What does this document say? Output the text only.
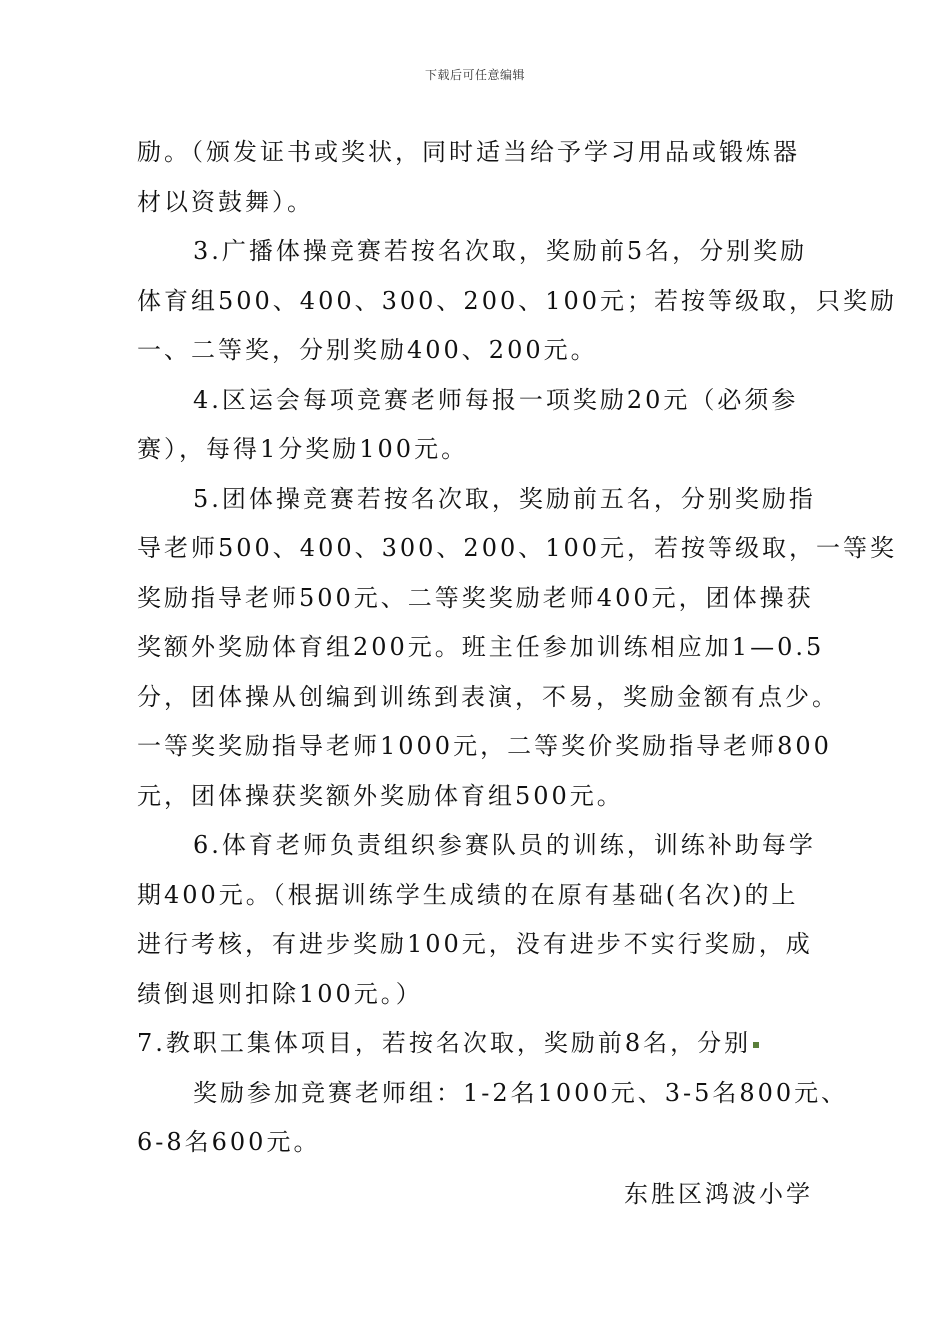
下载后可任意编辑
励。（颁发证书或奖状，同时适当给予学习用品或锻炼器
材以资鼓舞）。
3.广播体操竞赛若按名次取，奖励前5名，分别奖励
体育组500、400、300、200、100元；若按等级取，只奖励
一、二等奖，分别奖励400、200元。
4.区运会每项竞赛老师每报一项奖励20元（必须参
赛），每得1分奖励100元。
5.团体操竞赛若按名次取，奖励前五名，分别奖励指
导老师500、400、300、200、100元，若按等级取，一等奖
奖励指导老师500元、二等奖奖励老师400元，团体操获
奖额外奖励体育组200元。班主任参加训练相应加1—0.5
分，团体操从创编到训练到表演，不易，奖励金额有点少。
一等奖奖励指导老师1000元，二等奖价奖励指导老师800
元，团体操获奖额外奖励体育组500元。
6.体育老师负责组织参赛队员的训练，训练补助每学
期400元。（根据训练学生成绩的在原有基础(名次)的上
进行考核，有进步奖励100元，没有进步不实行奖励，成
绩倒退则扣除100元。）
7.教职工集体项目，若按名次取，奖励前8名，分别
奖励参加竞赛老师组：1-2名1000元、3-5名800元、
6-8名600元。
东胜区鸿波小学
